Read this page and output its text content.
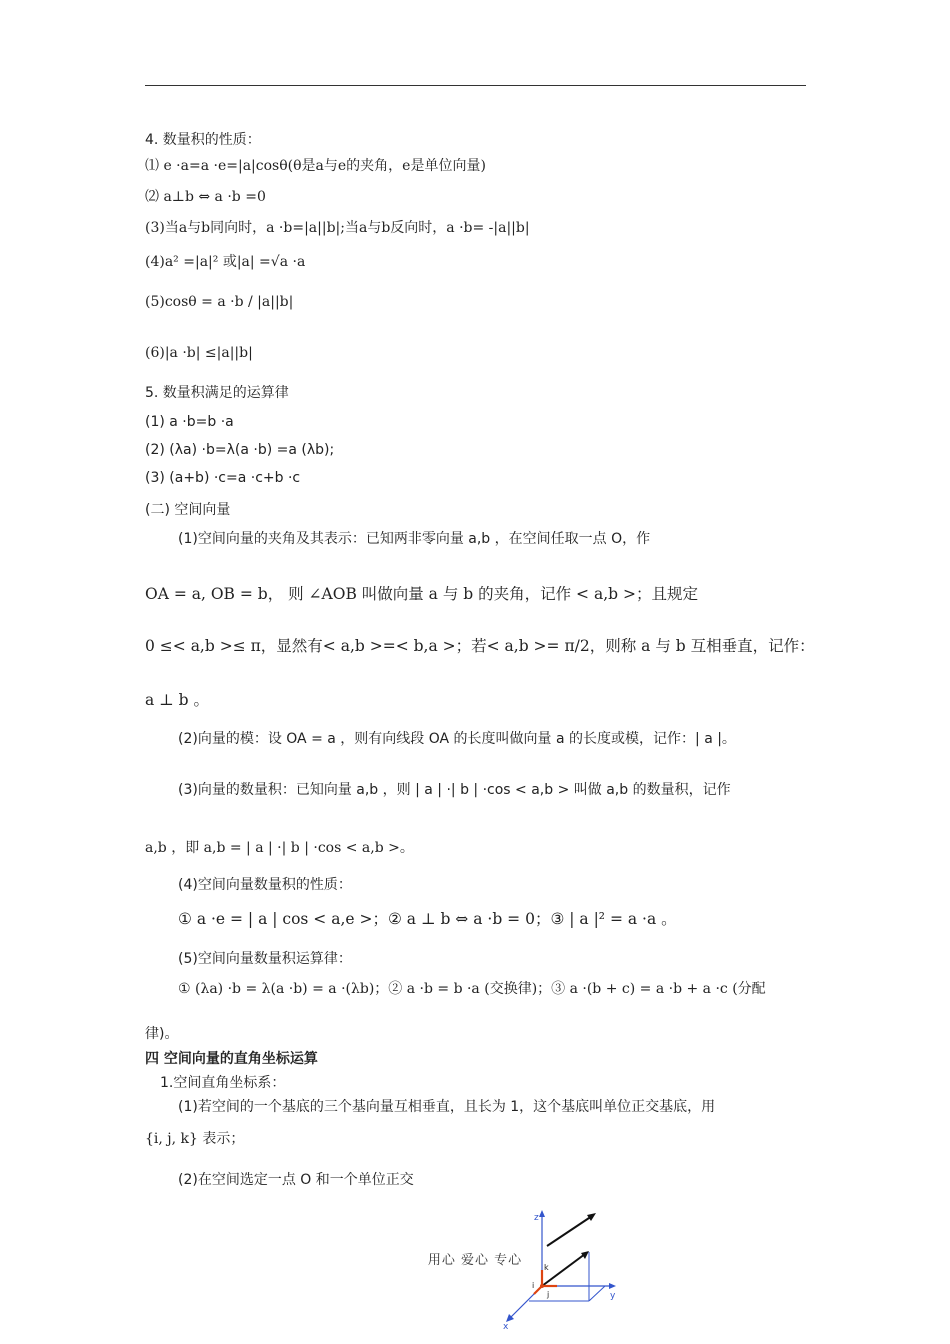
4. 数量积的性质：
⑴ e ·a=a ·e=|a|cosθ(θ是a与e的夹角，e是单位向量)
⑵ a⊥b ⇔ a ·b =0
(3)当a与b同向时，a ·b=|a||b|;当a与b反向时，a ·b= -|a||b|
(4)a² =|a|² 或|a| =√a ·a
(5)cosθ = a ·b / |a||b|
(6)|a ·b| ≤|a||b|
5. 数量积满足的运算律
(1) a ·b=b ·a
(2) (λa) ·b=λ(a ·b) =a (λb);
(3) (a+b) ·c=a ·c+b ·c
(二) 空间向量
(1)空间向量的夹角及其表示：已知两非零向量 a,b ，在空间任取一点 O，作
OA = a, OB = b， 则 ∠AOB 叫做向量 a 与 b 的夹角，记作 < a,b >；且规定
0 ≤< a,b >≤ π，显然有< a,b >=< b,a >；若< a,b >= π/2，则称 a 与 b 互相垂直，记作：
a ⊥ b 。
(2)向量的模：设 OA = a ，则有向线段 OA 的长度叫做向量 a 的长度或模，记作：| a |。
(3)向量的数量积：已知向量 a,b ，则 | a | ·| b | ·cos < a,b > 叫做 a,b 的数量积，记作
a,b ，即 a,b = | a | ·| b | ·cos < a,b >。
(4)空间向量数量积的性质：
① a ·e = | a | cos < a,e >；② a ⊥ b ⇔ a ·b = 0；③ | a |² = a ·a 。
(5)空间向量数量积运算律：
① (λa) ·b = λ(a ·b) = a ·(λb)；② a ·b = b ·a (交换律)；③ a ·(b + c) = a ·b + a ·c (分配
律)。
四 空间向量的直角坐标运算
1.空间直角坐标系：
(1)若空间的一个基底的三个基向量互相垂直，且长为 1，这个基底叫单位正交基底，用
{i, j, k} 表示；
(2)在空间选定一点 O 和一个单位正交
z
y
x
k
j
i
用心 爱心 专心
